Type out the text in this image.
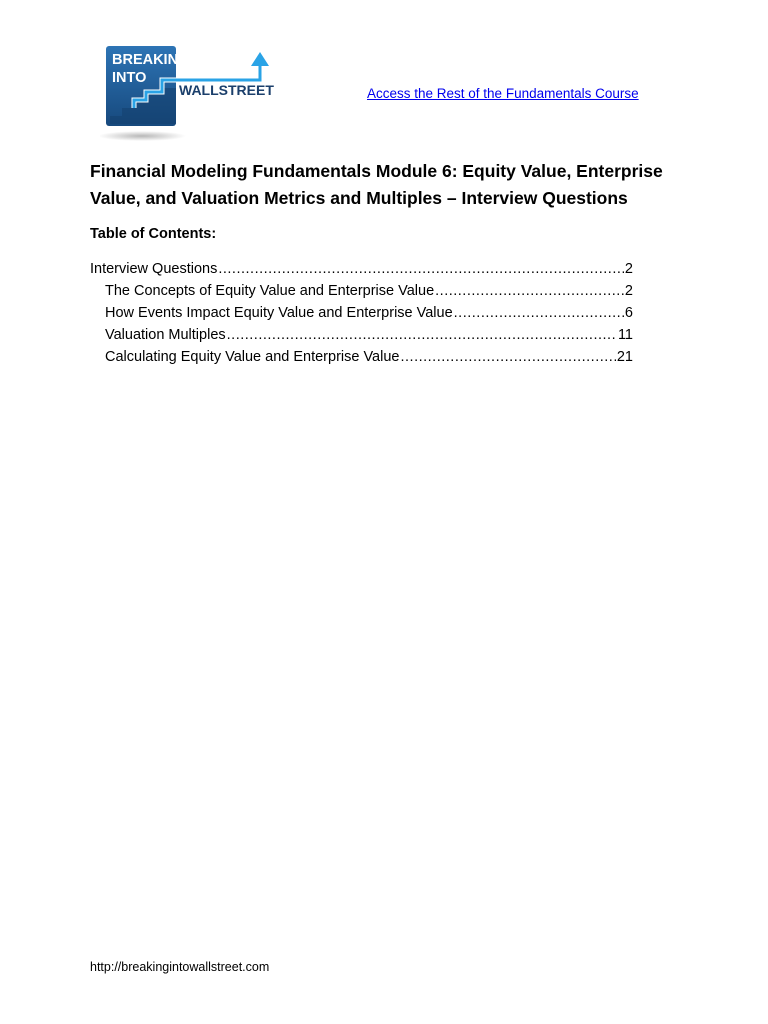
BREAKING
INTO
WALLSTREET	Access the Rest of the Fundamentals Course
Financial Modeling Fundamentals Module 6: Equity Value, Enterprise Value, and Valuation Metrics and Multiples – Interview Questions
Table of Contents:
Interview Questions .....	2
The Concepts of Equity Value and Enterprise Value .....	2
How Events Impact Equity Value and Enterprise Value .....	6
Valuation Multiples .....	11
Calculating Equity Value and Enterprise Value .....	21
http://breakingintowallstreet.com
